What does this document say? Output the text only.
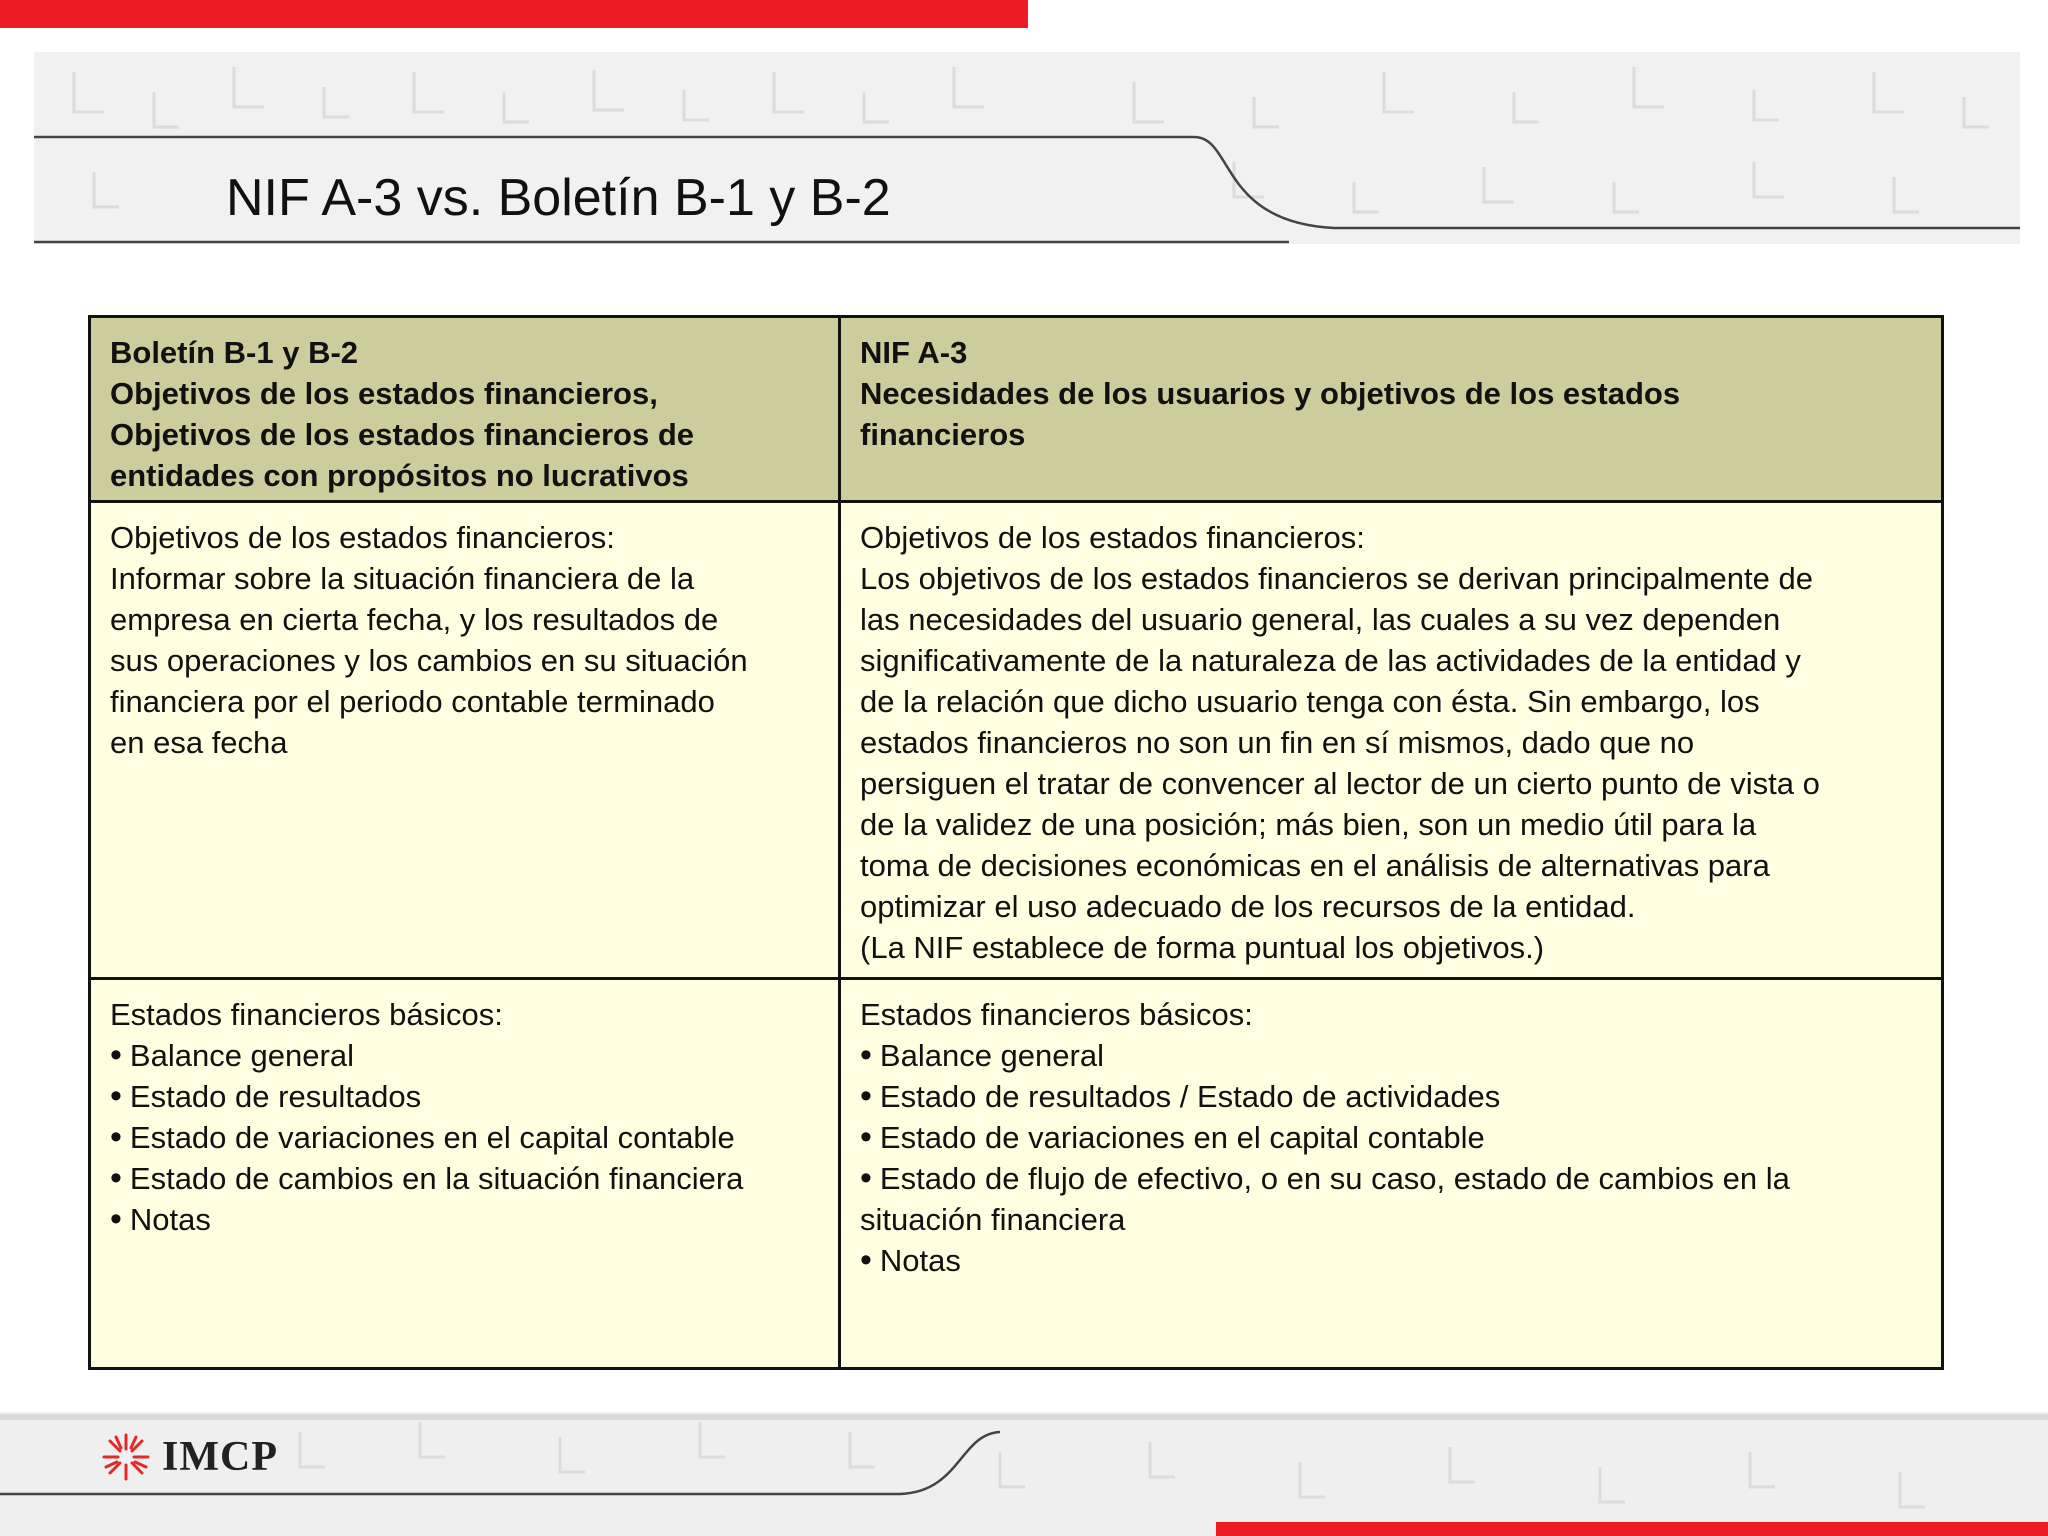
NIF A-3 vs. Boletín B-1 y B-2
Boletín B-1 y B-2
Objetivos de los estados financieros,
Objetivos de los estados financieros de
entidades con propósitos no lucrativos
NIF A-3
Necesidades de los usuarios y objetivos de los estados
financieros
Objetivos de los estados financieros:
Informar sobre la situación financiera de la
empresa en cierta fecha, y los resultados de
sus operaciones y los cambios en su situación
financiera por el periodo contable terminado
en esa fecha
Objetivos de los estados financieros:
Los objetivos de los estados financieros se derivan principalmente de
las necesidades del usuario general, las cuales a su vez dependen
significativamente de la naturaleza de las actividades de la entidad y
de la relación que dicho usuario tenga con ésta. Sin embargo, los
estados financieros no son un fin en sí mismos, dado que no
persiguen el tratar de convencer al lector de un cierto punto de vista o
de la validez de una posición; más bien, son un medio útil para la
toma de decisiones económicas en el análisis de alternativas para
optimizar el uso adecuado de los recursos de la entidad.
(La NIF establece de forma puntual los objetivos.)
Estados financieros básicos:
• Balance general
• Estado de resultados
• Estado de variaciones en el capital contable
• Estado de cambios en la situación financiera
• Notas
Estados financieros básicos:
• Balance general
• Estado de resultados / Estado de actividades
• Estado de variaciones en el capital contable
• Estado de flujo de efectivo, o en su caso, estado de cambios en la
situación financiera
• Notas
IMCP
